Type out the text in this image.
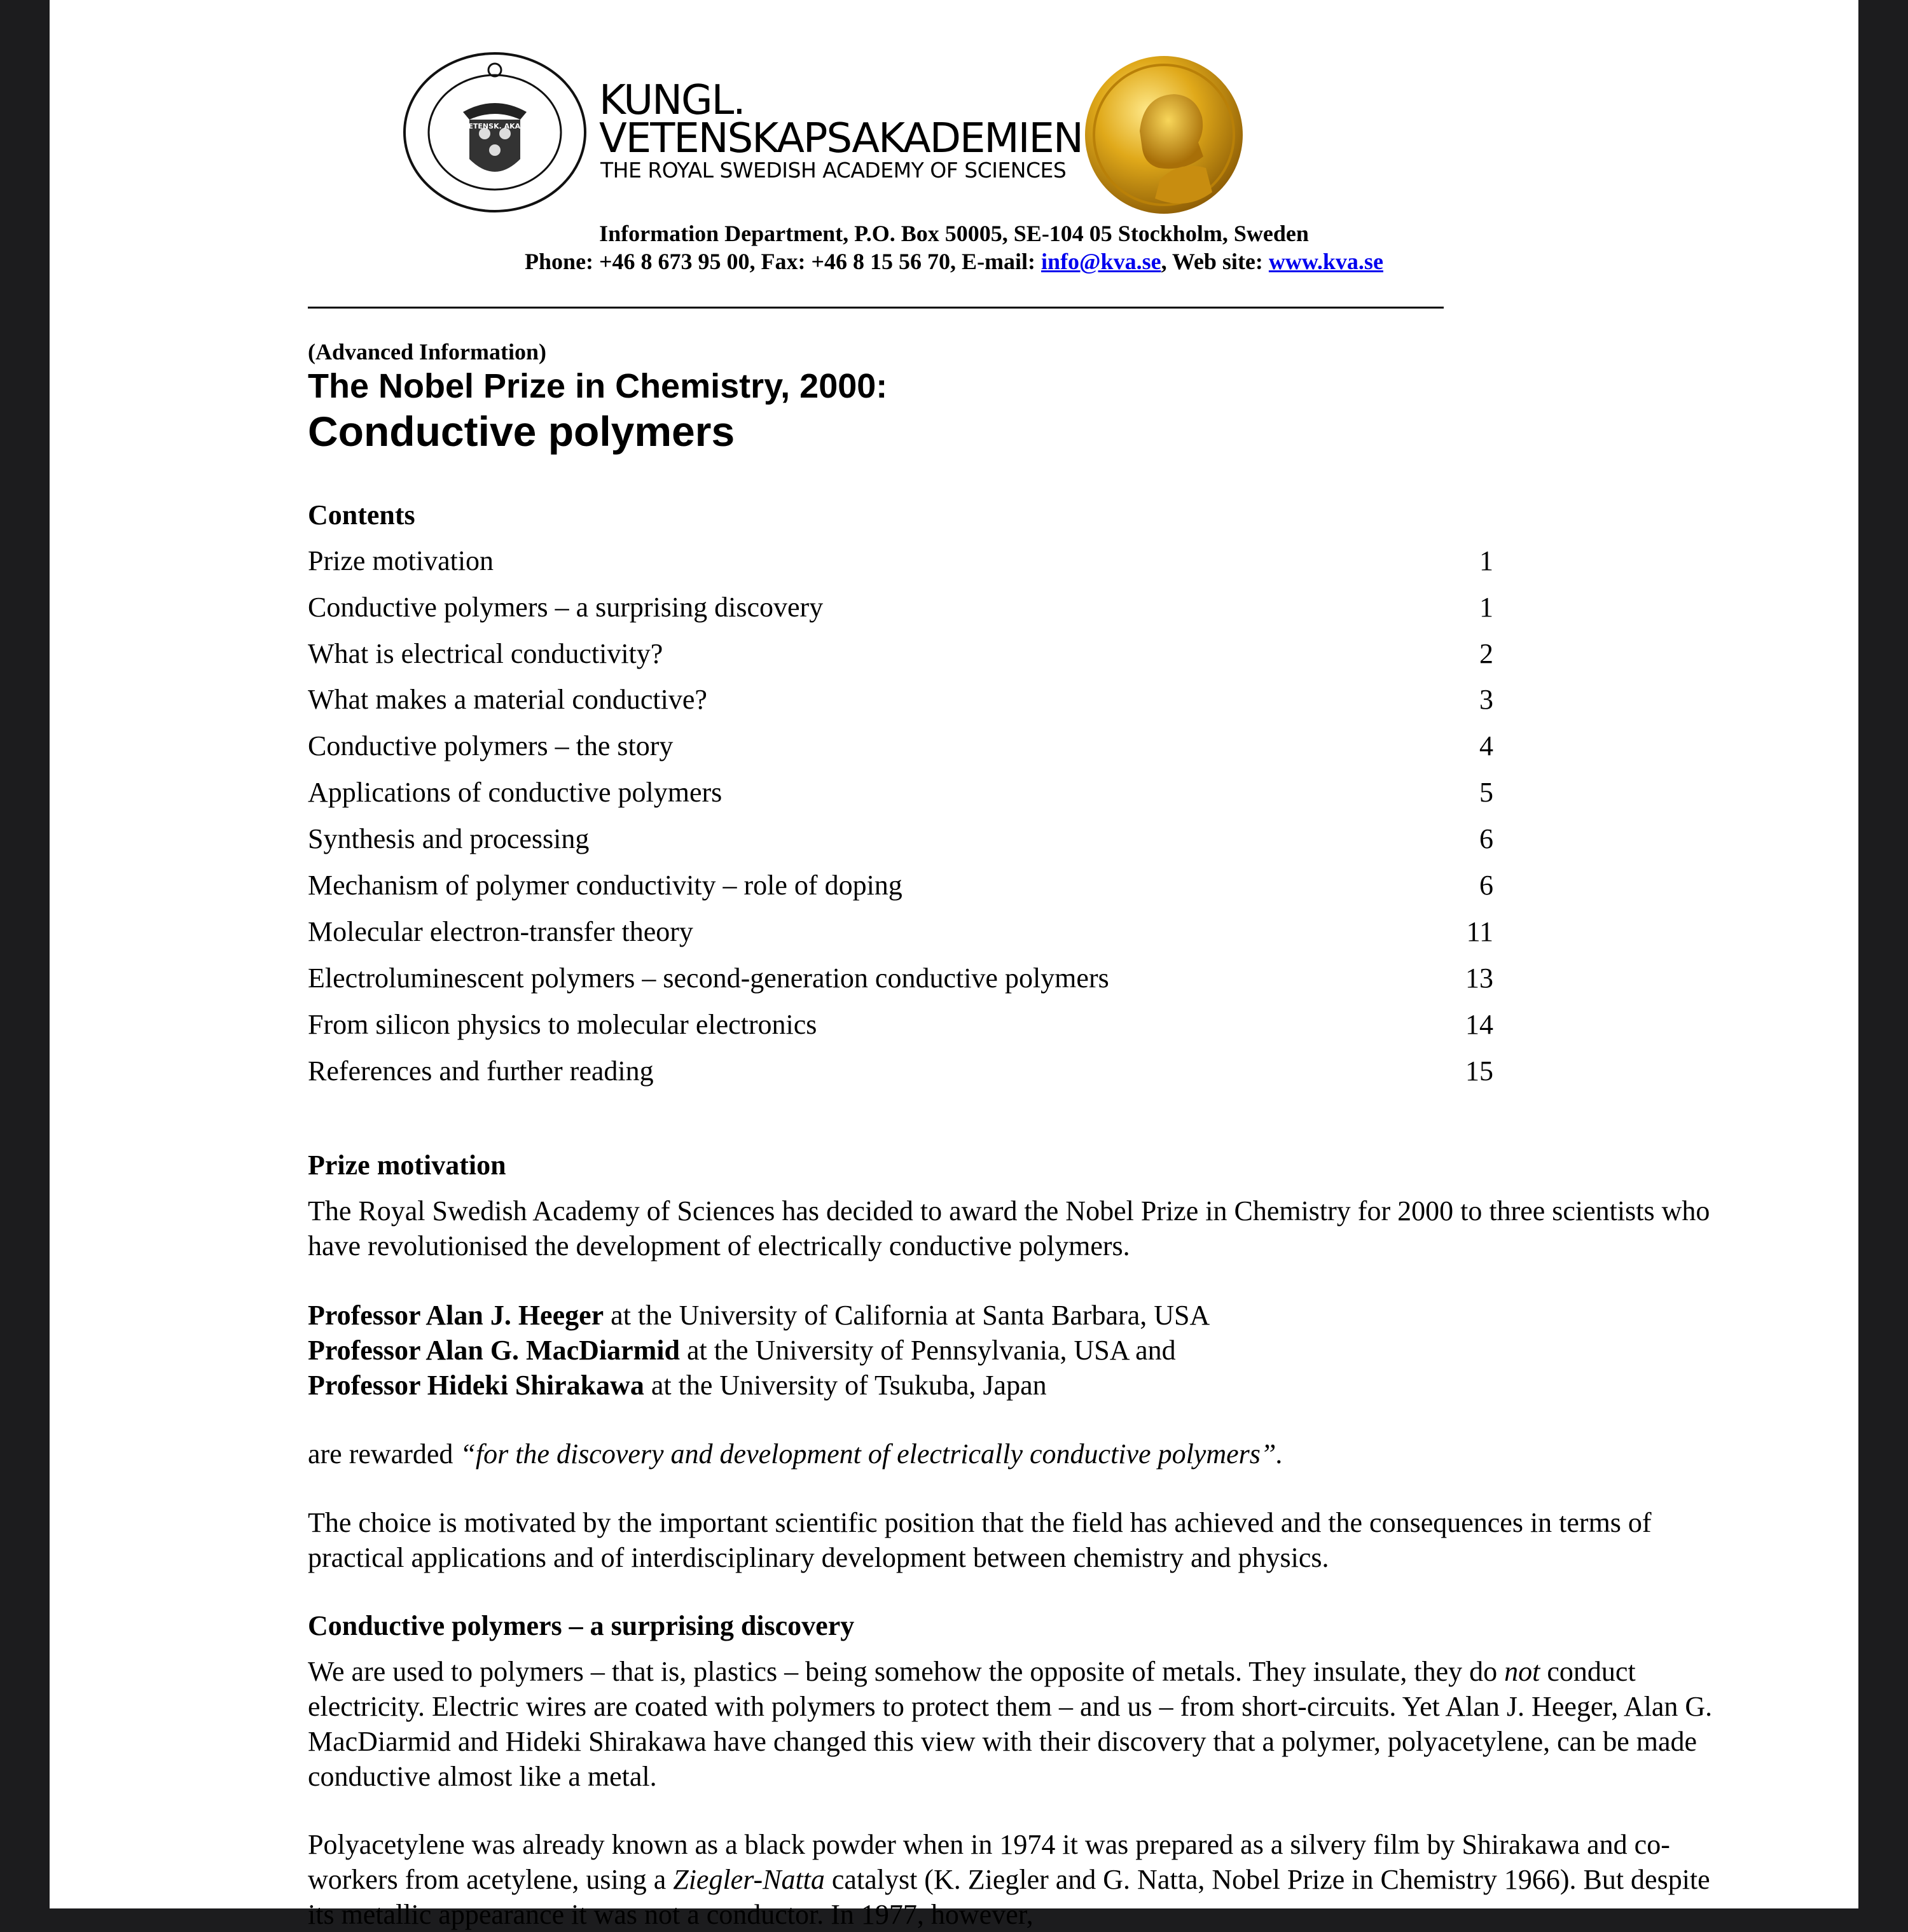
KUNGL. VETENSK. AKAD. SIGILL.
KUNGL.
VETENSKAPSAKADEMIEN
THE ROYAL SWEDISH ACADEMY OF SCIENCES
Information Department, P.O. Box 50005, SE-104 05 Stockholm, Sweden
Phone: +46 8 673 95 00, Fax: +46 8 15 56 70, E-mail: info@kva.se, Web site: www.kva.se
(Advanced Information)
The Nobel Prize in Chemistry, 2000:
Conductive polymers
Contents
Prize motivation	1
Conductive polymers – a surprising discovery	1
What is electrical conductivity?	2
What makes a material conductive?	3
Conductive polymers – the story	4
Applications of conductive polymers	5
Synthesis and processing	6
Mechanism of polymer conductivity – role of doping	6
Molecular electron-transfer theory	11
Electroluminescent polymers – second-generation conductive polymers	13
From silicon physics to molecular electronics	14
References and further reading	15
Prize motivation

The Royal Swedish Academy of Sciences has decided to award the Nobel Prize in Chemistry for 2000 to three scientists who have revolutionised the development of electrically conductive polymers.

Professor Alan J. Heeger at the University of California at Santa Barbara, USA
Professor Alan G. MacDiarmid at the University of Pennsylvania, USA and
Professor Hideki Shirakawa at the University of Tsukuba, Japan
are rewarded “for the discovery and development of electrically conductive polymers”.

The choice is motivated by the important scientific position that the field has achieved and the consequences in terms of practical applications and of interdisciplinary development between chemistry and physics.

Conductive polymers – a surprising discovery
We are used to polymers – that is, plastics – being somehow the opposite of metals. They insulate, they do not conduct electricity. Electric wires are coated with polymers to protect them – and us – from short-circuits. Yet Alan J. Heeger, Alan G. MacDiarmid and Hideki Shirakawa have changed this view with their discovery that a polymer, polyacetylene, can be made conductive almost like a metal.
Polyacetylene was already known as a black powder when in 1974 it was prepared as a silvery film by Shirakawa and co-workers from acetylene, using a Ziegler-Natta catalyst (K. Ziegler and G. Natta, Nobel Prize in Chemistry 1966). But despite its metallic appearance it was not a conductor. In 1977, however,
